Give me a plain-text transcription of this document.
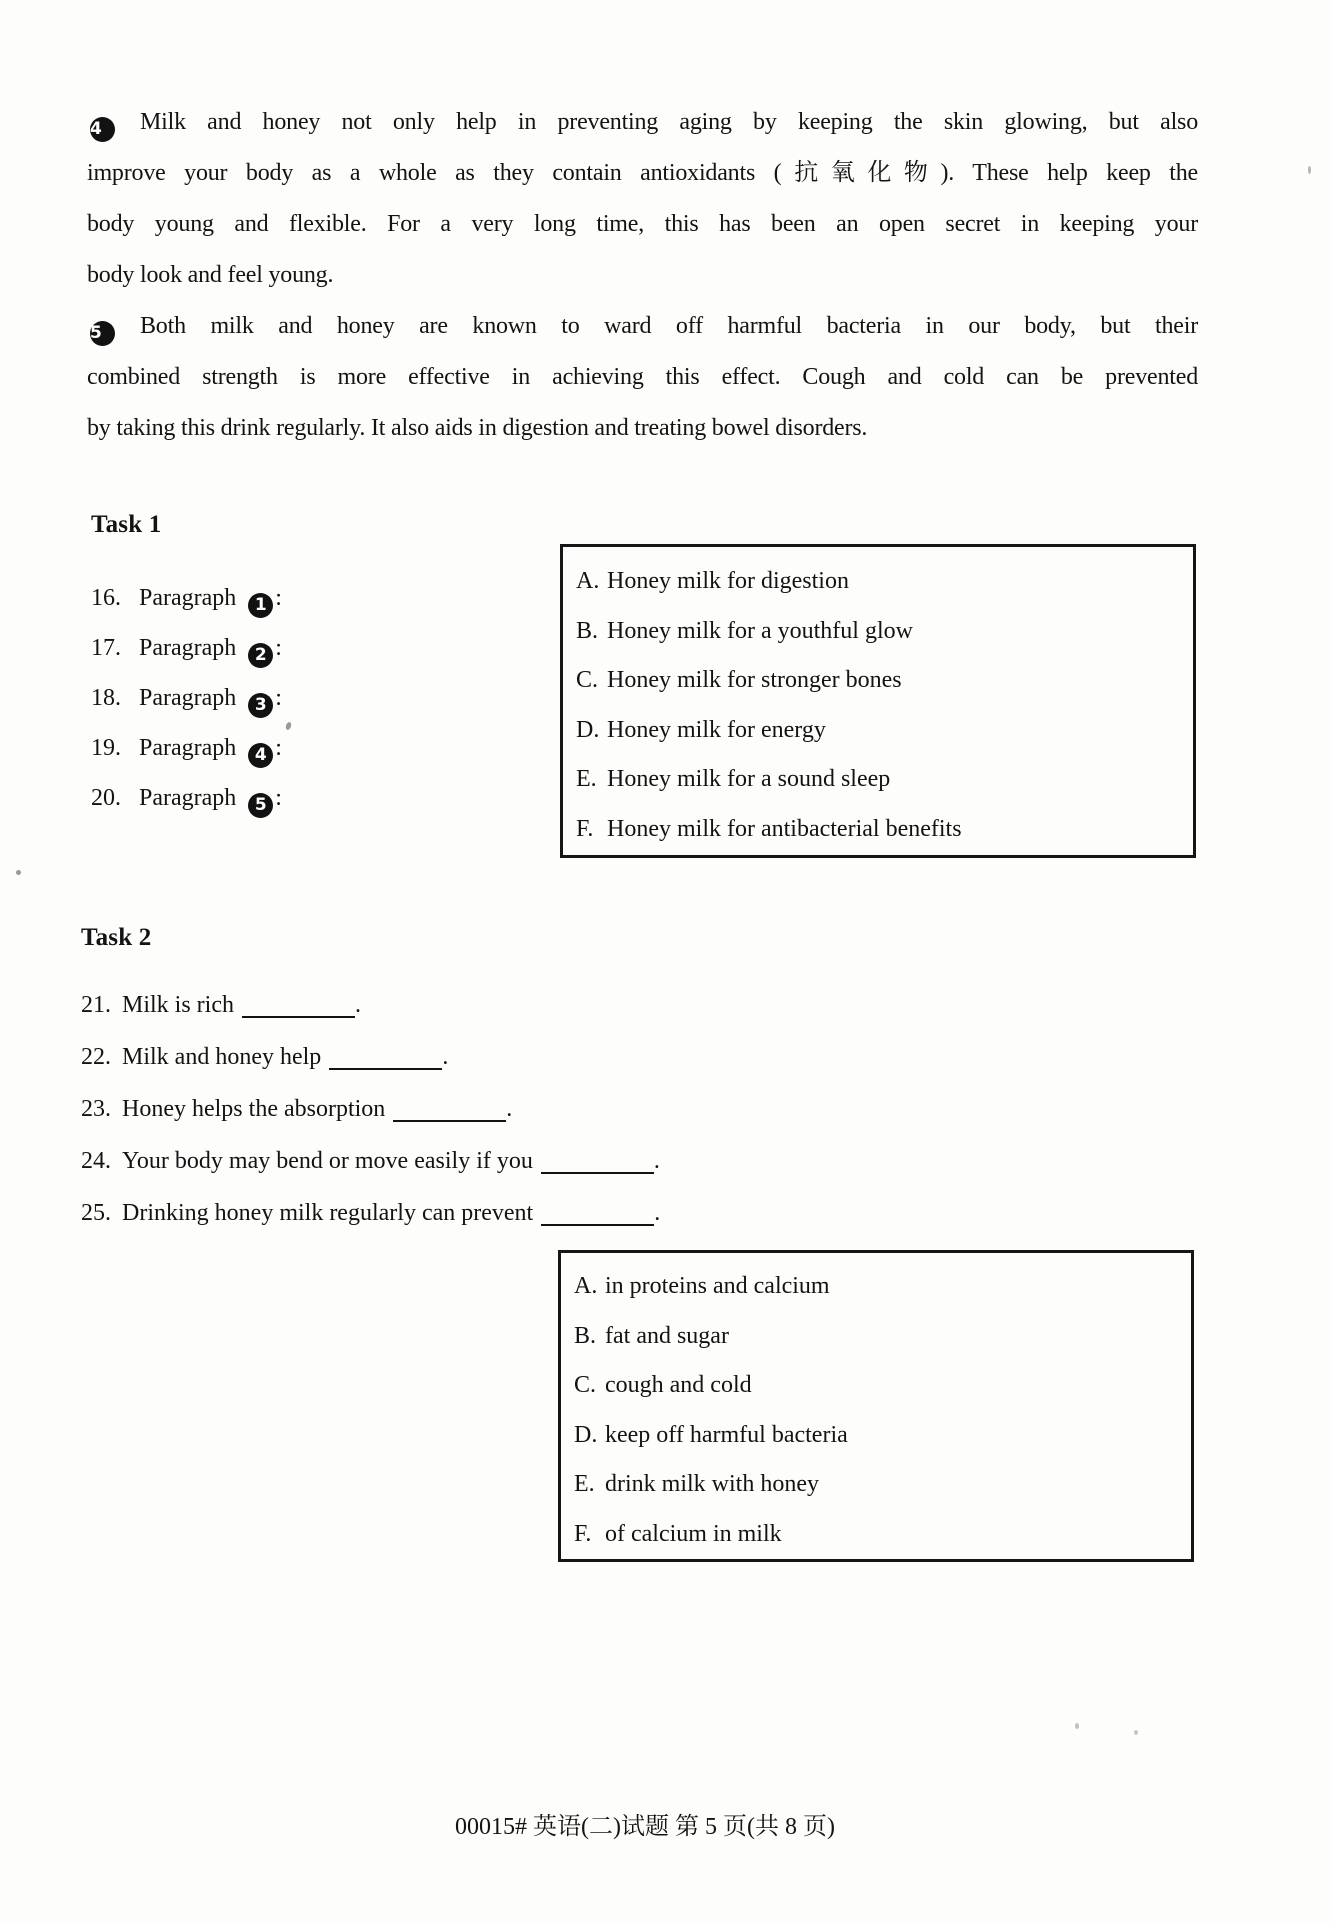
4 Milk and honey not only help in preventing aging by keeping the skin glowing, but also
improve your body as a whole as they contain antioxidants (抗氧化物). These help keep the
body young and flexible. For a very long time, this has been an open secret in keeping your
body look and feel young.
5 Both milk and honey are known to ward off harmful bacteria in our body, but their
combined strength is more effective in achieving this effect. Cough and cold can be prevented
by taking this drink regularly. It also aids in digestion and treating bowel disorders.
Task 1
16. Paragraph 1 :
17. Paragraph 2 :
18. Paragraph 3 :
19. Paragraph 4 :
20. Paragraph 5 :
A. Honey milk for digestion
B. Honey milk for a youthful glow
C. Honey milk for stronger bones
D. Honey milk for energy
E. Honey milk for a sound sleep
F. Honey milk for antibacterial benefits
Task 2
21. Milk is rich	.
22. Milk and honey help	.
23. Honey helps the absorption	.
24. Your body may bend or move easily if you	.
25. Drinking honey milk regularly can prevent	.
A. in proteins and calcium
B. fat and sugar
C. cough and cold
D. keep off harmful bacteria
E. drink milk with honey
F. of calcium in milk
00015# 英语(二)试题 第 5 页(共 8 页)
